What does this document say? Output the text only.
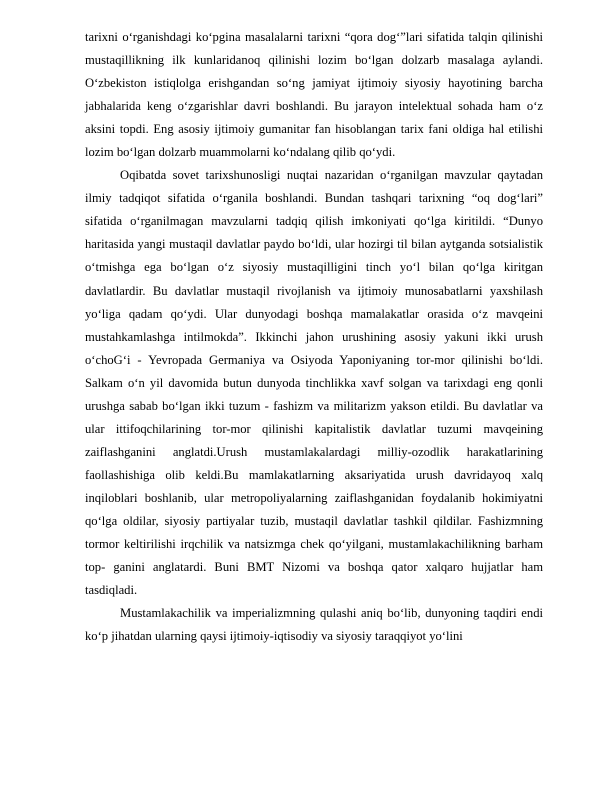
tarixni o‘rganishdagi ko‘pgina masalalarni tarixni “qora dog‘”lari sifatida talqin qilinishi mustaqillikning ilk kunlaridanoq qilinishi lozim bo‘lgan dolzarb masalaga aylandi. O‘zbekiston istiqlolga erishgandan so‘ng jamiyat ijtimoiy siyosiy hayotining barcha jabhalarida keng o‘zgarishlar davri boshlandi. Bu jarayon intelektual sohada ham o‘z aksini topdi. Eng asosiy ijtimoiy gumanitar fan hisoblangan tarix fani oldiga hal etilishi lozim bo‘lgan dolzarb muammolarni ko‘ndalang qilib qo‘ydi.

Oqibatda sovet tarixshunosligi nuqtai nazaridan o‘rganilgan mavzular qaytadan ilmiy tadqiqot sifatida o‘rganila boshlandi. Bundan tashqari tarixning “oq dog‘lari” sifatida o‘rganilmagan mavzularni tadqiq qilish imkoniyati qo‘lga kiritildi. “Dunyo haritasida yangi mustaqil davlatlar paydo bo‘ldi, ular hozirgi til bilan aytganda sotsialistik o‘tmishga ega bo‘lgan o‘z siyosiy mustaqilligini tinch yo‘l bilan qo‘lga kiritgan davlatlardir. Bu davlatlar mustaqil rivojlanish va ijtimoiy munosabatlarni yaxshilash yo‘liga qadam qo‘ydi. Ular dunyodagi boshqa mamalakatlar orasida o‘z mavqeini mustahkamlashga intilmokda”. Ikkinchi jahon urushining asosiy yakuni ikki urush o‘choG‘i - Yevropada Germaniya va Osiyoda Yaponiyaning tor-mor qilinishi bo‘ldi. Salkam o‘n yil davomida butun dunyoda tinchlikka xavf solgan va tarixdagi eng qonli urushga sabab bo‘lgan ikki tuzum - fashizm va militarizm yakson etildi. Bu davlatlar va ular ittifoqchilarining tor-mor qilinishi kapitalistik davlatlar tuzumi mavqeining zaiflashganini anglatdi.Urush mustamlakalardagi milliy-ozodlik harakatlarining faollashishiga olib keldi.Bu mamlakatlarning aksariyatida urush davridayoq xalq inqiloblari boshlanib, ular metropoliyalarning zaiflashganidan foydalanib hokimiyatni qo‘lga oldilar, siyosiy partiyalar tuzib, mustaqil davlatlar tashkil qildilar. Fashizmning tormor keltirilishi irqchilik va natsizmga chek qo‘yilgani, mustamlakachilikning barham top- ganini anglatardi. Buni BMT Nizomi va boshqa qator xalqaro hujjatlar ham tasdiqladi.

Mustamlakachilik va imperializmning qulashi aniq bo‘lib, dunyoning taqdiri endi ko‘p jihatdan ularning qaysi ijtimoiy-iqtisodiy va siyosiy taraqqiyot yo‘lini
